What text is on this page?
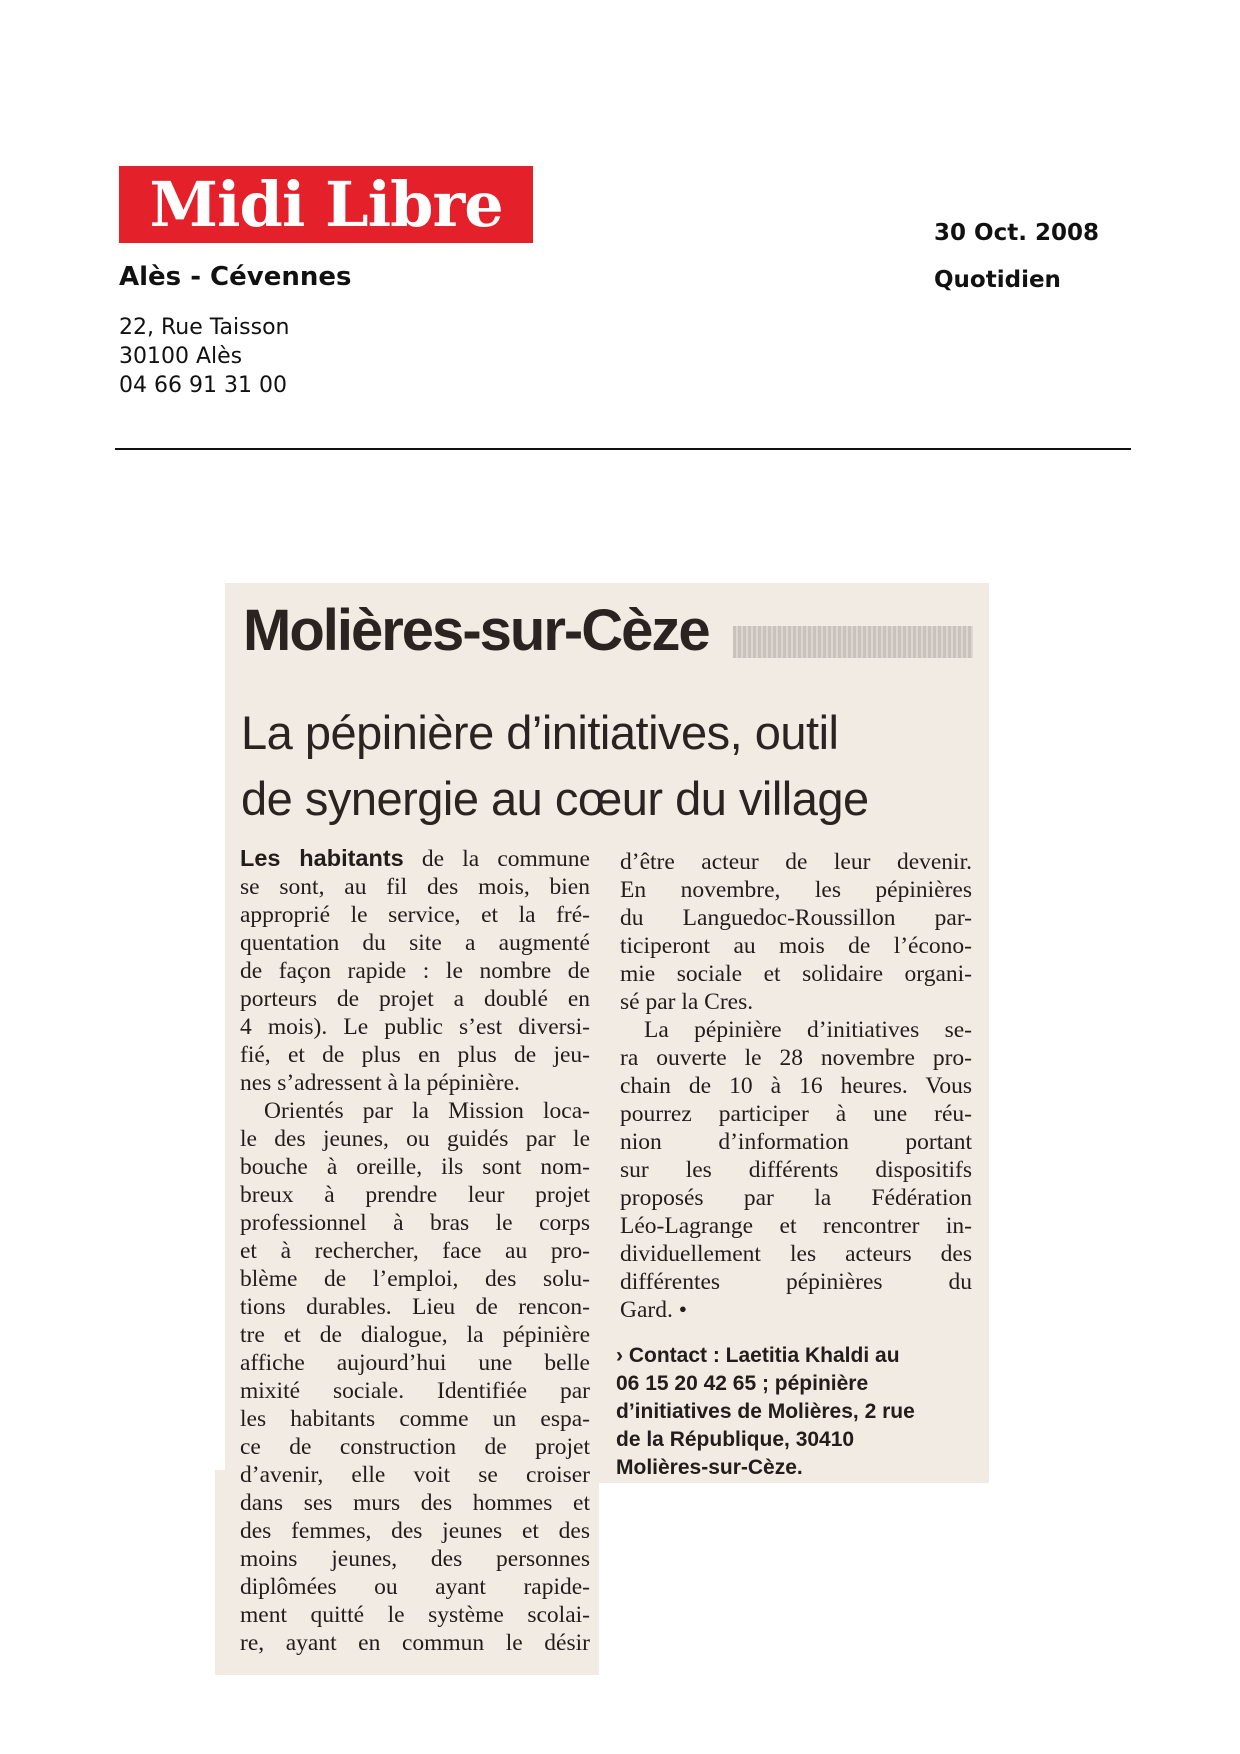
Midi Libre
Alès - Cévennes
22, Rue Taisson
30100 Alès
04 66 91 31 00
30 Oct. 2008
Quotidien
Molières-sur-Cèze
La pépinière d’initiatives, outil
de synergie au cœur du village
Les habitants de la commune
se sont, au fil des mois, bien
approprié le service, et la fré-
quentation du site a augmenté
de façon rapide : le nombre de
porteurs de projet a doublé en
4 mois). Le public s’est diversi-
fié, et de plus en plus de jeu-
nes s’adressent à la pépinière.
Orientés par la Mission loca-
le des jeunes, ou guidés par le
bouche à oreille, ils sont nom-
breux à prendre leur projet
professionnel à bras le corps
et à rechercher, face au pro-
blème de l’emploi, des solu-
tions durables. Lieu de rencon-
tre et de dialogue, la pépinière
affiche aujourd’hui une belle
mixité sociale. Identifiée par
les habitants comme un espa-
ce de construction de projet
d’avenir, elle voit se croiser
dans ses murs des hommes et
des femmes, des jeunes et des
moins jeunes, des personnes
diplômées ou ayant rapide-
ment quitté le système scolai-
re, ayant en commun le désir
d’être acteur de leur devenir.
En novembre, les pépinières
du Languedoc-Roussillon par-
ticiperont au mois de l’écono-
mie sociale et solidaire organi-
sé par la Cres.
La pépinière d’initiatives se-
ra ouverte le 28 novembre pro-
chain de 10 à 16 heures. Vous
pourrez participer à une réu-
nion d’information portant
sur les différents dispositifs
proposés par la Fédération
Léo-Lagrange et rencontrer in-
dividuellement les acteurs des
différentes pépinières du
Gard. •
› Contact : Laetitia Khaldi au
06 15 20 42 65 ; pépinière
d’initiatives de Molières, 2 rue
de la République, 30410
Molières-sur-Cèze.
